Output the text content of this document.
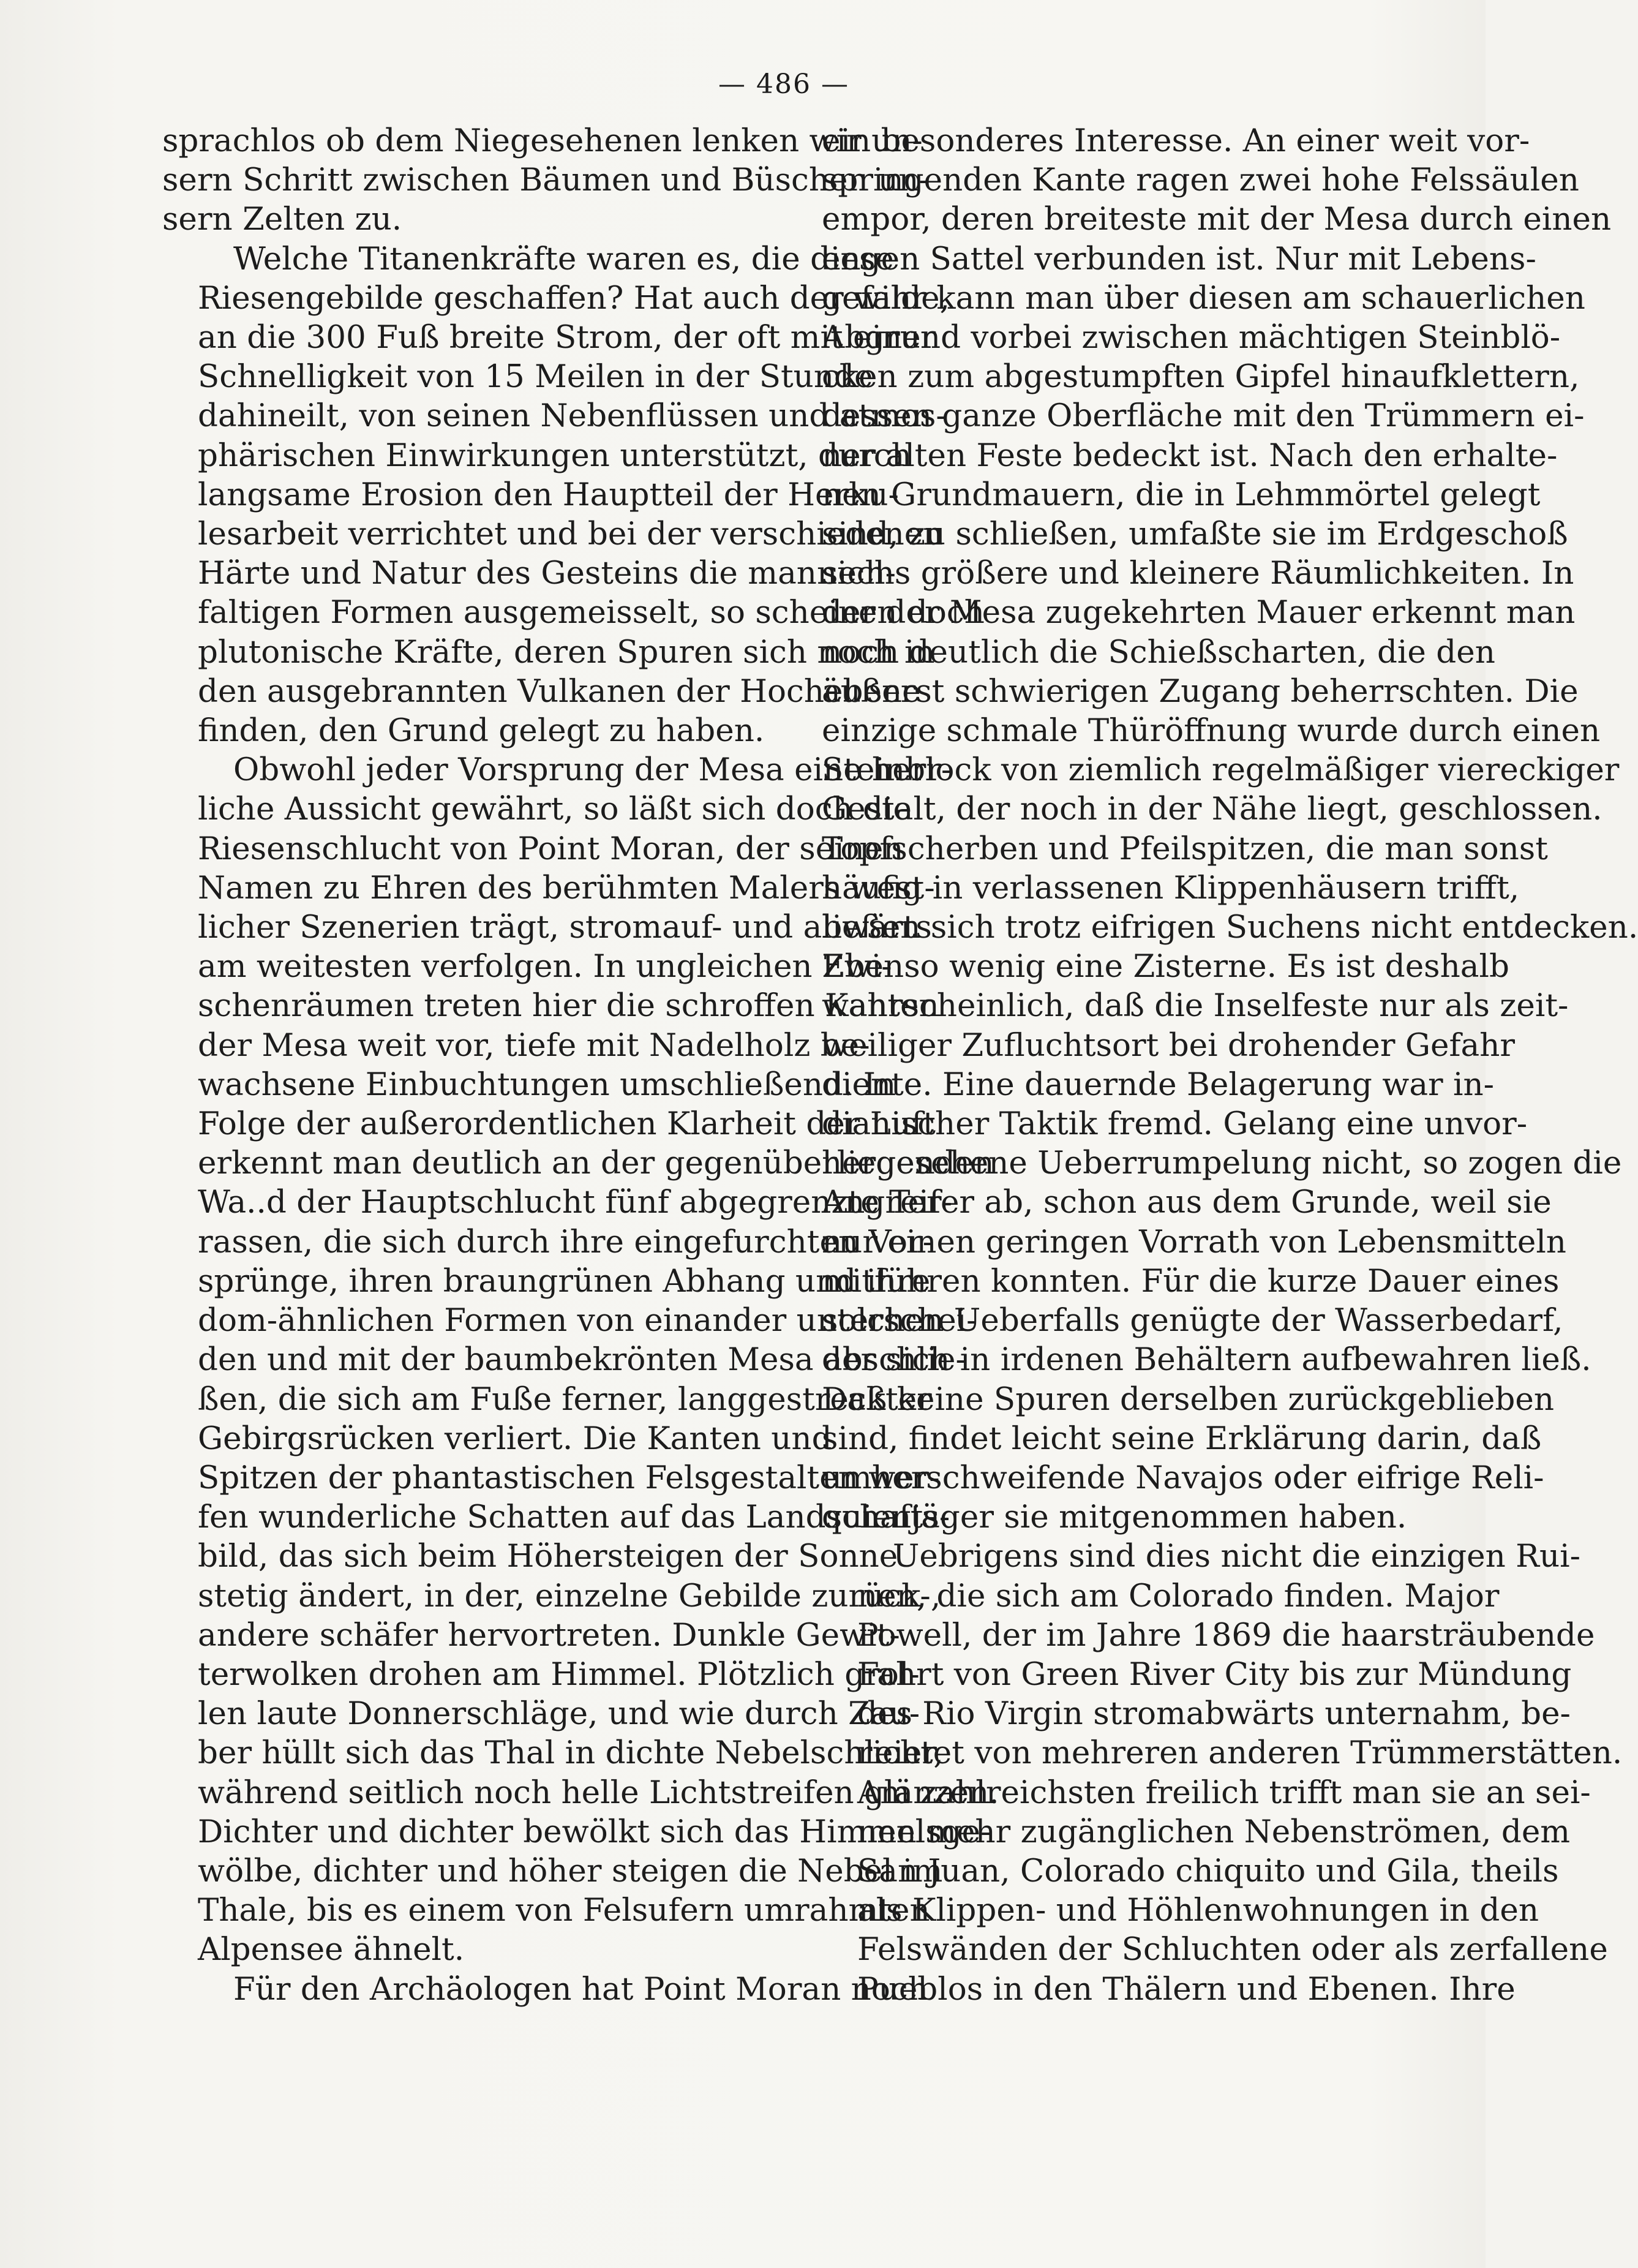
— 486 —

sprachlos ob dem Niegesehenen lenken wir un-
sern Schritt zwischen Bäumen und Büschen un-
sern Zelten zu.

Welche Titanenkräfte waren es, die diese
Riesengebilde geschaffen? Hat auch der wilde,
an die 300 Fuß breite Strom, der oft mit einer
Schnelligkeit von 15 Meilen in der Stunde
dahineilt, von seinen Nebenflüssen und atmos-
phärischen Einwirkungen unterstützt, durch
langsame Erosion den Hauptteil der Herku-
lesarbeit verrichtet und bei der verschiedenen
Härte und Natur des Gesteins die mannich-
faltigen Formen ausgemeisselt, so scheinen doch
plutonische Kräfte, deren Spuren sich noch in
den ausgebrannten Vulkanen der Hochebene
finden, den Grund gelegt zu haben.

Obwohl jeder Vorsprung der Mesa eine herr-
liche Aussicht gewährt, so läßt sich doch die
Riesenschlucht von Point Moran, der seinen
Namen zu Ehren des berühmten Malers west-
licher Szenerien trägt, stromauf- und abwärts
am weitesten verfolgen. In ungleichen Zwi-
schenräumen treten hier die schroffen Kanten
der Mesa weit vor, tiefe mit Nadelholz be-
wachsene Einbuchtungen umschließend. In
Folge der außerordentlichen Klarheit der Luft
erkennt man deutlich an der gegenüberliegenden
Wa..d der Hauptschlucht fünf abgegrenzte Ter-
rassen, die sich durch ihre eingefurchten Vor-
sprünge, ihren braungrünen Abhang und ihre
dom-ähnlichen Formen von einander unterschei-
den und mit der baumbekrönten Mesa abschlie-
ßen, die sich am Fuße ferner, langgestreckter
Gebirgsrücken verliert. Die Kanten und
Spitzen der phantastischen Felsgestalten wer-
fen wunderliche Schatten auf das Landschafts-
bild, das sich beim Höhersteigen der Sonne
stetig ändert, in der, einzelne Gebilde zurück-,
andere schäfer hervortreten. Dunkle Gewit-
terwolken drohen am Himmel. Plötzlich grol-
len laute Donnerschläge, und wie durch Zau-
ber hüllt sich das Thal in dichte Nebelschleier,
während seitlich noch helle Lichtstreifen glänzen.
Dichter und dichter bewölkt sich das Himmelsge-
wölbe, dichter und höher steigen die Nebel im
Thale, bis es einem von Felsufern umrahmten
Alpensee ähnelt.

Für den Archäologen hat Point Moran noch

ein besonderes Interesse. An einer weit vor-
springenden Kante ragen zwei hohe Felssäulen
empor, deren breiteste mit der Mesa durch einen
engen Sattel verbunden ist. Nur mit Lebens-
gefahr kann man über diesen am schauerlichen
Abgrund vorbei zwischen mächtigen Steinblö-
cken zum abgestumpften Gipfel hinaufklettern,
dessen ganze Oberfläche mit den Trümmern ei-
ner alten Feste bedeckt ist. Nach den erhalte-
nen Grundmauern, die in Lehmmörtel gelegt
sind, zu schließen, umfaßte sie im Erdgeschoß
sechs größere und kleinere Räumlichkeiten. In
der der Mesa zugekehrten Mauer erkennt man
noch deutlich die Schießscharten, die den
äußerst schwierigen Zugang beherrschten. Die
einzige schmale Thüröffnung wurde durch einen
Steinblock von ziemlich regelmäßiger viereckiger
Gestalt, der noch in der Nähe liegt, geschlossen.
Topfscherben und Pfeilspitzen, die man sonst
häufig in verlassenen Klippenhäusern trifft,
ließen sich trotz eifrigen Suchens nicht entdecken.
Ebenso wenig eine Zisterne. Es ist deshalb
wahrscheinlich, daß die Inselfeste nur als zeit-
weiliger Zufluchtsort bei drohender Gefahr
diente. Eine dauernde Belagerung war in-
dianischer Taktik fremd. Gelang eine unvor-
hergesehene Ueberrumpelung nicht, so zogen die
Angreifer ab, schon aus dem Grunde, weil sie
nur einen geringen Vorrath von Lebensmitteln
mitführen konnten. Für die kurze Dauer eines
solchen Ueberfalls genügte der Wasserbedarf,
der sich in irdenen Behältern aufbewahren ließ.
Daß keine Spuren derselben zurückgeblieben
sind, findet leicht seine Erklärung darin, daß
umherschweifende Navajos oder eifrige Reli-
quienjäger sie mitgenommen haben.

Uebrigens sind dies nicht die einzigen Rui-
nen, die sich am Colorado finden. Major
Powell, der im Jahre 1869 die haarsträubende
Fahrt von Green River City bis zur Mündung
des Rio Virgin stromabwärts unternahm, be-
richtet von mehreren anderen Trümmerstätten.
Am zahlreichsten freilich trifft man sie an sei-
nen mehr zugänglichen Nebenströmen, dem
San Juan, Colorado chiquito und Gila, theils
als Klippen- und Höhlenwohnungen in den
Felswänden der Schluchten oder als zerfallene
Pueblos in den Thälern und Ebenen. Ihre
